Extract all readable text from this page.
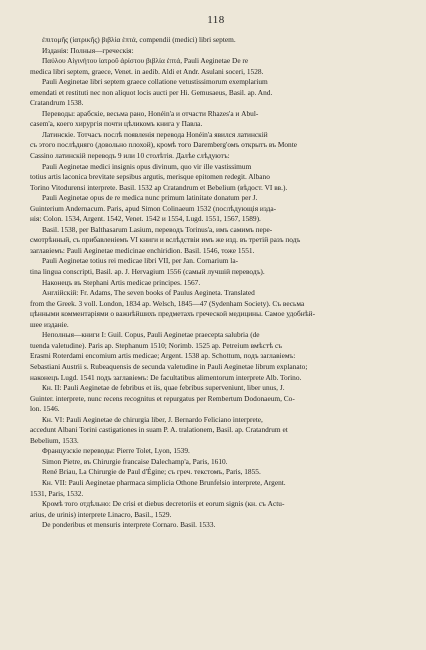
118
ἐπιτομῆς (ἰατρικῆς) βιβλία ἑπτά, compendii (medici) libri septem.
Изданія: Полныя—греческія:
Παύλου Αἰγινήτου ἰατροῦ ἀρίστου βιβλία ἑπτά, Pauli Aeginetae De re
medica libri septem, graece, Venet. in aedib. Aldi et Andr. Asulani soceri, 1528.
Pauli Aeginetae libri septem graece collatione vetustissimorum exemplarium
emendati et restituti nec non aliquot locis aucti per Hi. Gemusaeus, Basil. ap. And.
Cratandrum 1538.
Переводы: арабскіе, весьма рано, Honéin'a и отчасти Rhazes'a и Abul-
casem'a, коего хирургія почти цѣликомъ книга у Павла.
Латинскіе. Тотчасъ послѣ появленія перевода Honéin'a явился латинскій
съ этого послѣдняго (довольно плохой), кромѣ того Daremberg'омъ открытъ въ Monte
Cassino латинскій переводъ 9 или 10 столѣтія. Далѣе слѣдуютъ:
Pauli Aeginetae medici insignis opus divinum, quo vir ille vastissimum
totius artis laconica brevitate sepsibus argutis, merisque epitomen redegit. Albano
Torino Vitodurensi interprete. Basil. 1532 ap Cratandrum et Bebelium (вѣдост. VI вв.).
Pauli Aeginetae opus de re medica nunc primum latinitate donatum per J.
Guinterium Andernacum. Paris, apud Simon Colinaeum 1532 (послѣдующія изда-
нія: Colon. 1534, Argent. 1542, Venet. 1542 и 1554, Lugd. 1551, 1567, 1589).
Basil. 1538, per Balthasarum Lasium, переводъ Torinus'a, имъ самимъ пере-
смотрѣнный, съ прибавленіемъ VI книги и вслѣдствіи имъ же изд. въ третій разъ подъ
заглавіемъ: Pauli Aeginetae medicinae enchiridion. Basil. 1546, тоже 1551.
Pauli Aeginetae totius rei medicae libri VII, per Jan. Cornarium la-
tina lingua conscripti, Basil. ap. J. Hervagium 1556 (самый лучшій переводъ).
Наконецъ въ Stephani Artis medicae principes. 1567.
Англійскій: Fr. Adams, The seven books of Paulus Aegineta. Translated
from the Greek. 3 voll. London, 1834 ap. Welsch, 1845—47 (Sydenham Society). Съ весьма
цѣнными комментаріями о важнѣйшихъ предметахъ греческой медицины. Самое удобнѣй-
шее изданіе.
Неполныя—книги I: Guil. Copus, Pauli Aeginetae praecepta salubria (de
tuenda valetudine). Paris ap. Stephanum 1510; Norimb. 1525 ap. Petreium вмѣстѣ съ
Erasmi Roterdami encomium artis medicae; Argent. 1538 ap. Schottum, подъ заглавіемъ:
Sebastiani Austrii s. Rubeaquensis de secunda valetudine in Pauli Aeginetae librum explanato;
наконецъ Lugd. 1541 подъ заглавіемъ: De facultatibus alimentorum interprete Alb. Torino.
Кн. II: Pauli Aeginetae de febribus et iis, quae febribus superveniunt, liber unus, J.
Guinter. interprete, nunc recens recognitus et repurgatus per Rembertum Dodonaeum, Co-
lon. 1546.
Кн. VI: Pauli Aeginetae de chirurgia liber, J. Bernardo Feliciano interprete,
accedunt Albani Torini castigationes in suam P. A. tralationem, Basil. ap. Cratandrum et
Bebelium, 1533.
Французскіе переводы: Pierre Tolet, Lyon, 1539.
Simon Pietre, въ Chirurgie francaise Dalechamp'a, Paris, 1610.
René Briau, La Chirurgie de Paul d'Égine; съ греч. текстомъ, Paris, 1855.
Кн. VII: Pauli Aeginetae pharmaca simplicia Othone Brunfelsio interprete, Argent.
1531, Paris, 1532.
Кромѣ того отдѣльно: De crisi et diebus decretoriis et eorum signis (кн. съ Actu-
arius, de urinis) interprete Linacro, Basil., 1529.
De ponderibus et mensuris interprete Cornaro. Basil. 1533.
